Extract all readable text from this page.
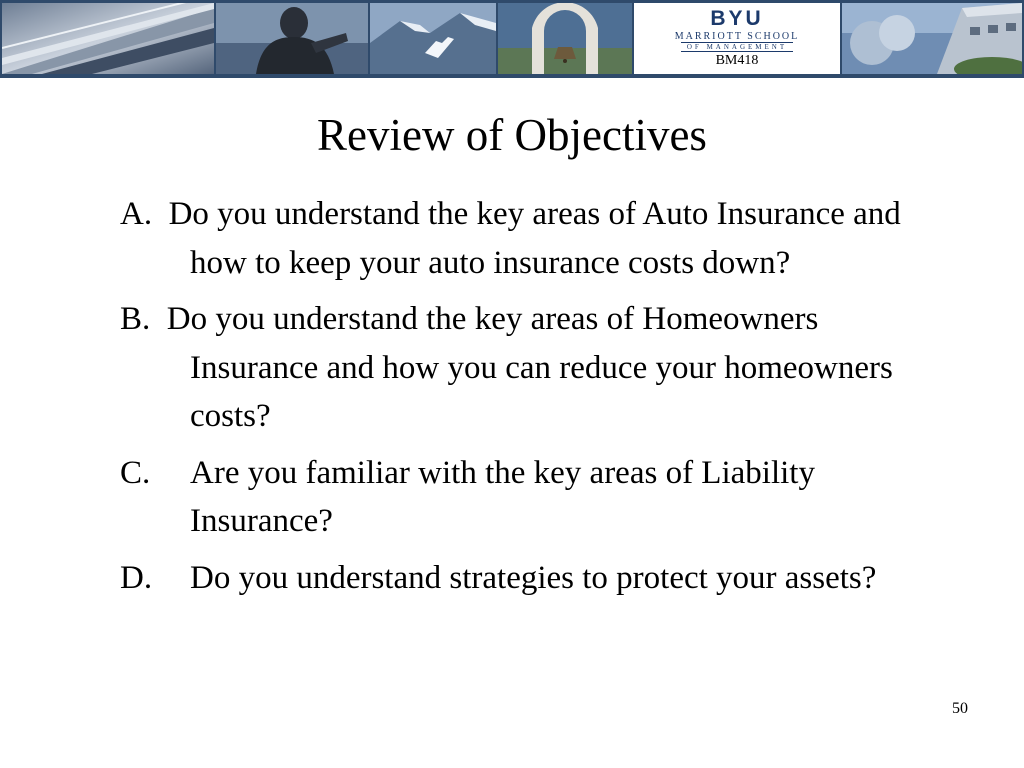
BYU
MARRIOTT SCHOOL
OF MANAGEMENT
BM418
Review of Objectives
A.  Do you understand the key areas of Auto Insurance and how to keep your auto insurance costs down?
B.  Do you understand the key areas of Homeowners Insurance and how you can reduce your homeowners costs?
C.	Are you familiar with the key areas of Liability Insurance?
D.	Do you understand strategies to protect your assets?
50
